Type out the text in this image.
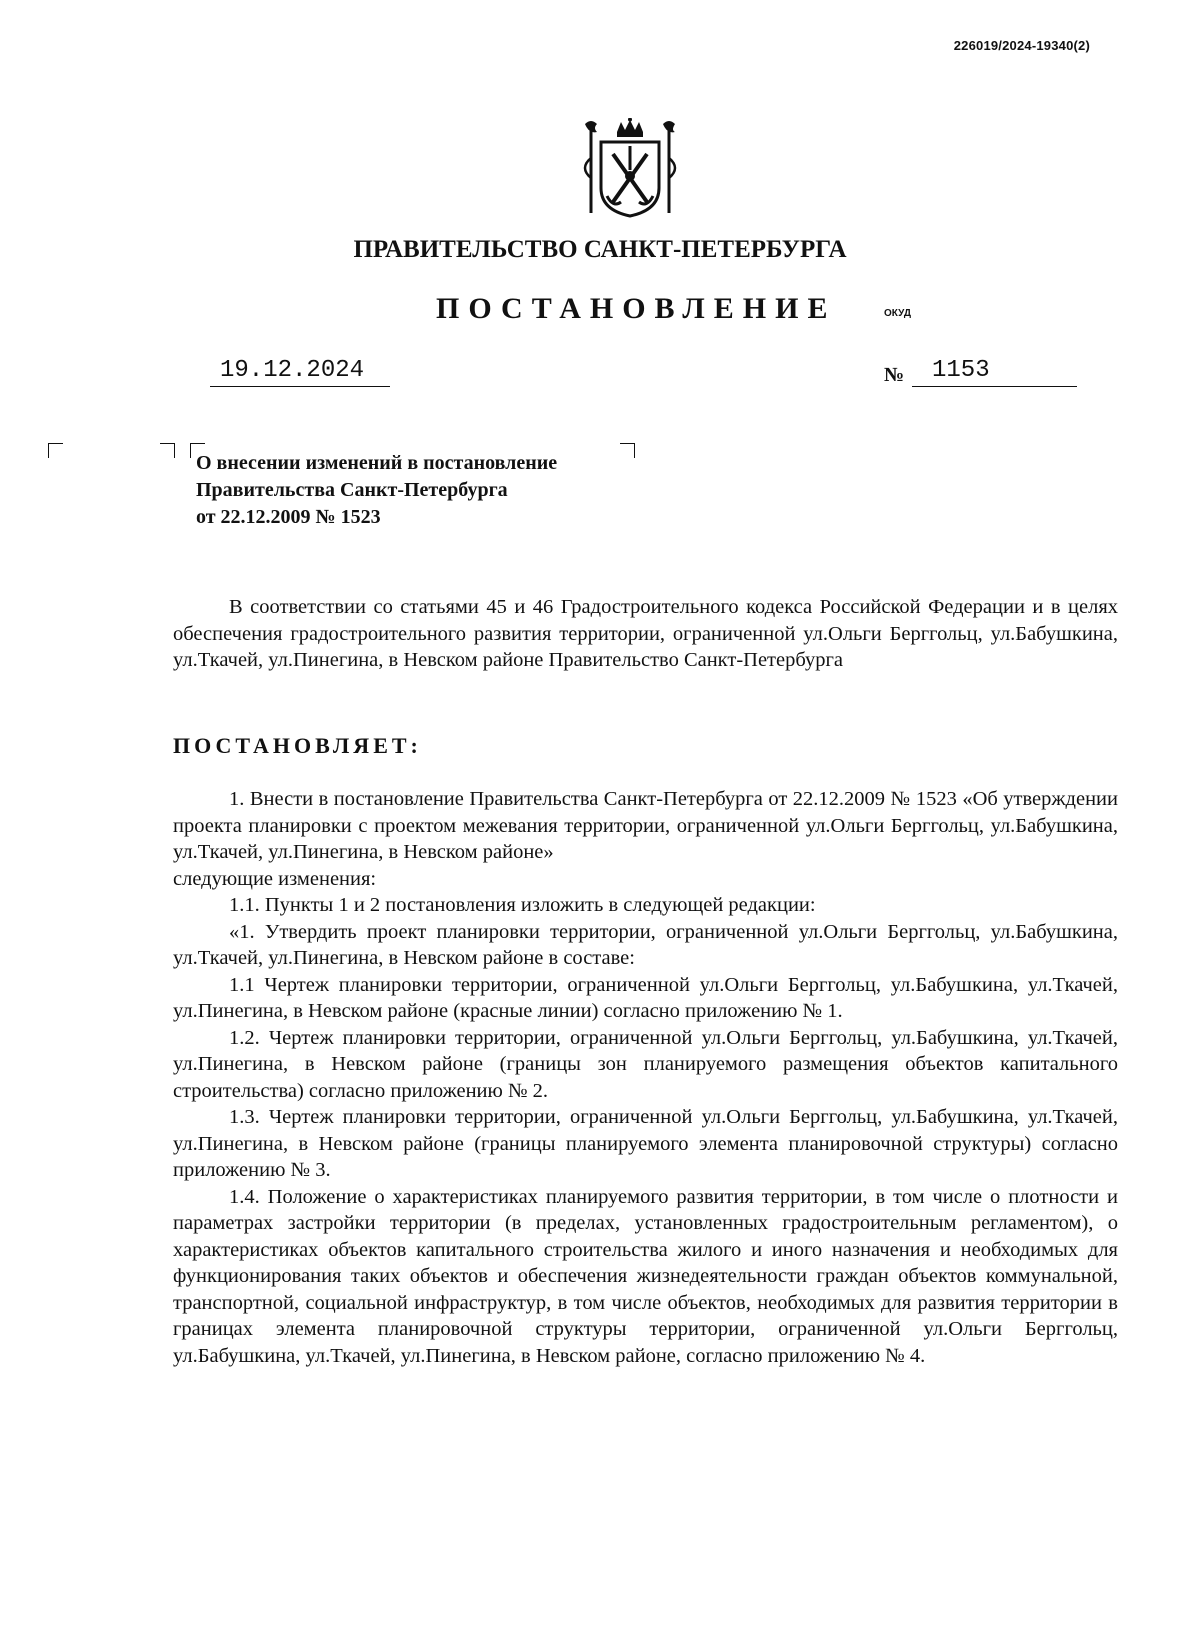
226019/2024-19340(2)
ПРАВИТЕЛЬСТВО САНКТ-ПЕТЕРБУРГА
ПОСТАНОВЛЕНИЕ	ОКУД
19.12.2024	№	1153
О внесении изменений в постановление
Правительства Санкт-Петербурга
от 22.12.2009 № 1523

В соответствии со статьями 45 и 46 Градостроительного кодекса Российской Федерации и в целях обеспечения градостроительного развития территории, ограниченной ул.Ольги Берггольц, ул.Бабушкина, ул.Ткачей, ул.Пинегина, в Невском районе Правительство Санкт-Петербурга

ПОСТАНОВЛЯЕТ:

1. Внести в постановление Правительства Санкт-Петербурга от 22.12.2009 № 1523 «Об утверждении проекта планировки с проектом межевания территории, ограниченной ул.Ольги Берггольц, ул.Бабушкина, ул.Ткачей, ул.Пинегина, в Невском районе»

следующие изменения:

1.1. Пункты 1 и 2 постановления изложить в следующей редакции:

«1. Утвердить проект планировки территории, ограниченной ул.Ольги Берггольц, ул.Бабушкина, ул.Ткачей, ул.Пинегина, в Невском районе в составе:

1.1 Чертеж планировки территории, ограниченной ул.Ольги Берггольц, ул.Бабушкина, ул.Ткачей, ул.Пинегина, в Невском районе (красные линии) согласно приложению № 1.

1.2. Чертеж планировки территории, ограниченной ул.Ольги Берггольц, ул.Бабушкина, ул.Ткачей, ул.Пинегина, в Невском районе (границы зон планируемого размещения объектов капитального строительства) согласно приложению № 2.

1.3. Чертеж планировки территории, ограниченной ул.Ольги Берггольц, ул.Бабушкина, ул.Ткачей, ул.Пинегина, в Невском районе (границы планируемого элемента планировочной структуры) согласно приложению № 3.

1.4. Положение о характеристиках планируемого развития территории, в том числе о плотности и параметрах застройки территории (в пределах, установленных градостроительным регламентом), о характеристиках объектов капитального строительства жилого и иного назначения и необходимых для функционирования таких объектов и обеспечения жизнедеятельности граждан объектов коммунальной, транспортной, социальной инфраструктур, в том числе объектов, необходимых для развития территории в границах элемента планировочной структуры территории, ограниченной ул.Ольги Берггольц, ул.Бабушкина, ул.Ткачей, ул.Пинегина, в Невском районе, согласно приложению № 4.
